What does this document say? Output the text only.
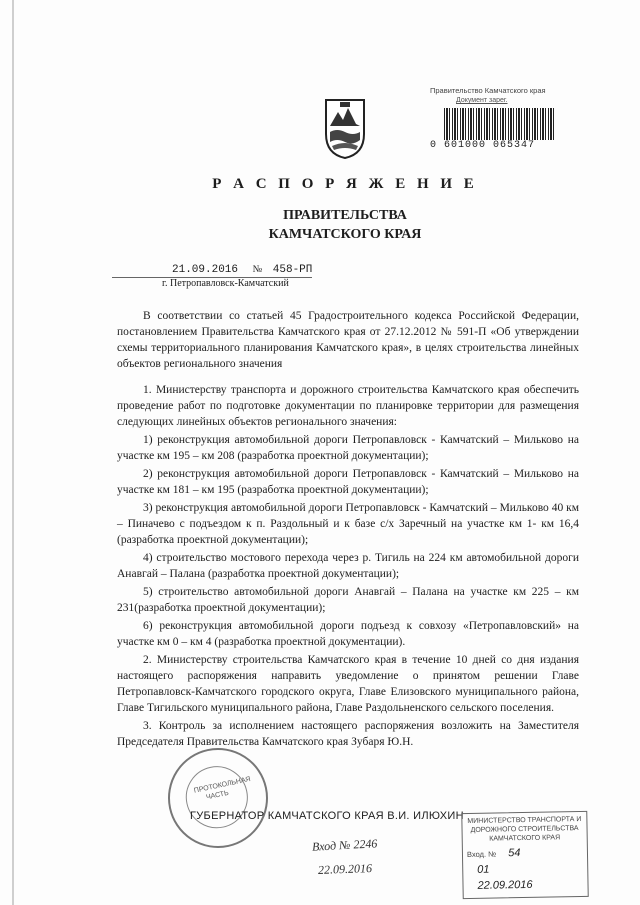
Правительство Камчатского края
Документ зарег.
0 601000 065347
Р А С П О Р Я Ж Е Н И Е
ПРАВИТЕЛЬСТВА
КАМЧАТСКОГО КРАЯ
21.09.2016 № 458-РП
г. Петропавловск-Камчатский

В соответствии со статьей 45 Градостроительного кодекса Российской Федерации, постановлением Правительства Камчатского края от 27.12.2012 № 591-П «Об утверждении схемы территориального планирования Камчатского края», в целях строительства линейных объектов регионального значения

1. Министерству транспорта и дорожного строительства Камчатского края обеспечить проведение работ по подготовке документации по планировке территории для размещения следующих линейных объектов регионального значения:

1) реконструкция автомобильной дороги Петропавловск - Камчатский – Мильково на участке км 195 – км 208 (разработка проектной документации);

2) реконструкция автомобильной дороги Петропавловск - Камчатский – Мильково на участке км 181 – км 195 (разработка проектной документации);

3) реконструкция автомобильной дороги Петропавловск - Камчатский – Мильково 40 км – Пиначево с подъездом к п. Раздольный и к базе с/х Заречный на участке км 1- км 16,4 (разработка проектной документации);

4) строительство мостового перехода через р. Тигиль на 224 км автомобильной дороги Анавгай – Палана (разработка проектной документации);

5) строительство автомобильной дороги Анавгай – Палана на участке км 225 – км 231(разработка проектной документации);

6) реконструкция автомобильной дороги подъезд к совхозу «Петропавловский» на участке км 0 – км 4 (разработка проектной документации).

2. Министерству строительства Камчатского края в течение 10 дней со дня издания настоящего распоряжения направить уведомление о принятом решении Главе Петропавловск-Камчатского городского округа, Главе Елизовского муниципального района, Главе Тигильского муниципального района, Главе Раздольненского сельского поселения.

3. Контроль за исполнением настоящего распоряжения возложить на Заместителя Председателя Правительства Камчатского края Зубаря Ю.Н.

ПРОТОКОЛЬНАЯ ЧАСТЬ
ГУБЕРНАТОР КАМЧАТСКОГО КРАЯ В.И. ИЛЮХИН
Вход № 2246
22.09.2016
МИНИСТЕРСТВО ТРАНСПОРТА И ДОРОЖНОГО СТРОИТЕЛЬСТВА КАМЧАТСКОГО КРАЯ
Вход. № 54
01
22.09.2016
